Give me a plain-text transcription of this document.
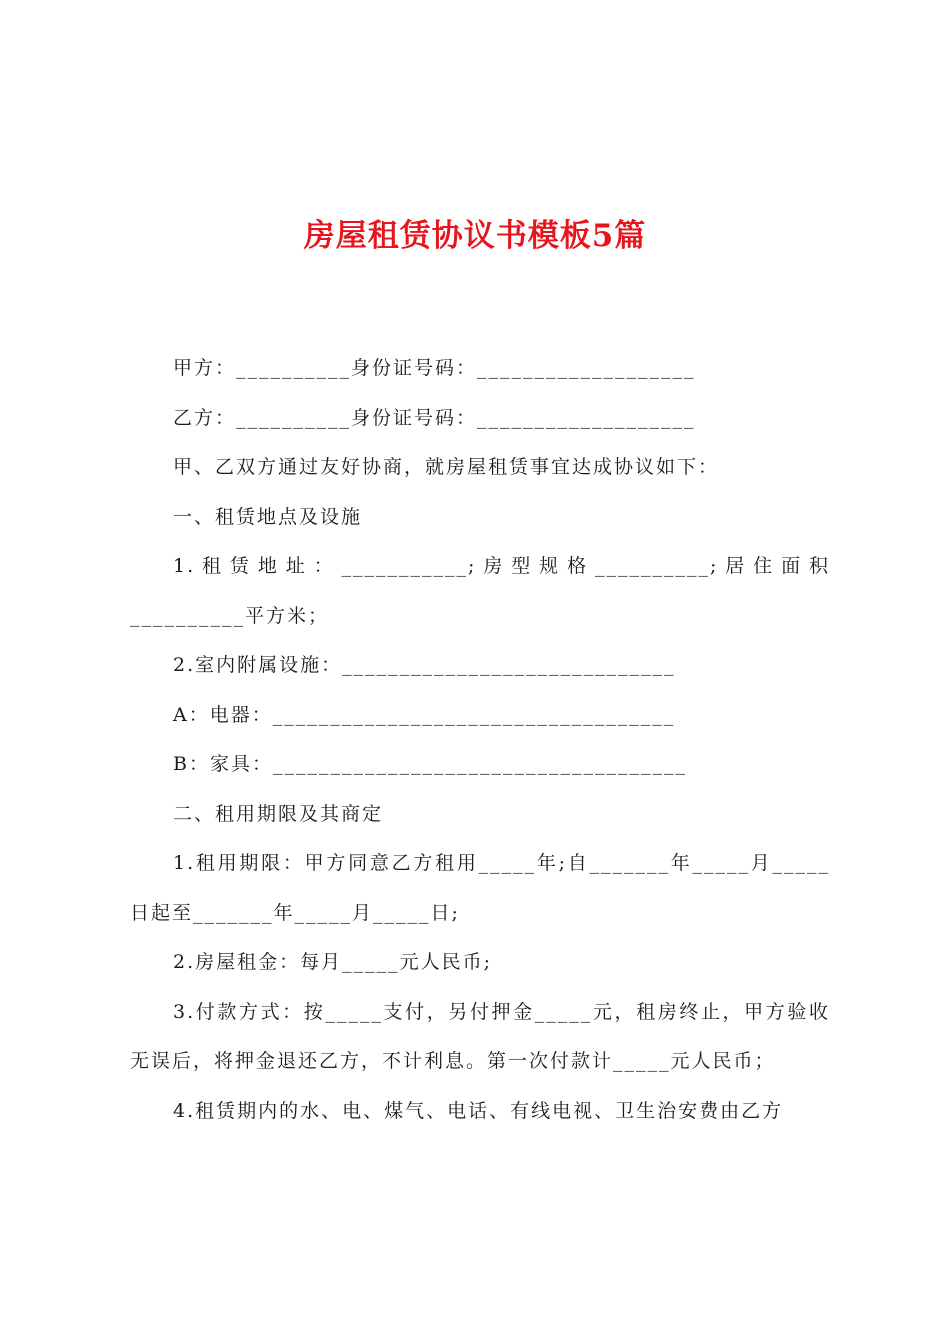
房屋租赁协议书模板5篇

甲方：__________身份证号码：___________________

乙方：__________身份证号码：___________________

甲、乙双方通过友好协商，就房屋租赁事宜达成协议如下：

一、租赁地点及设施

1.租赁地址：___________;房型规格__________;居住面积__________平方米；

2.室内附属设施：_____________________________

A：电器：___________________________________

B：家具：____________________________________

二、租用期限及其商定

1.租用期限：甲方同意乙方租用_____年;自_______年_____月_____日起至_______年_____月_____日;

2.房屋租金：每月_____元人民币;

3.付款方式：按_____支付，另付押金_____元，租房终止，甲方验收无误后，将押金退还乙方，不计利息。第一次付款计_____元人民币；

4.租赁期内的水、电、煤气、电话、有线电视、卫生治安费由乙方
